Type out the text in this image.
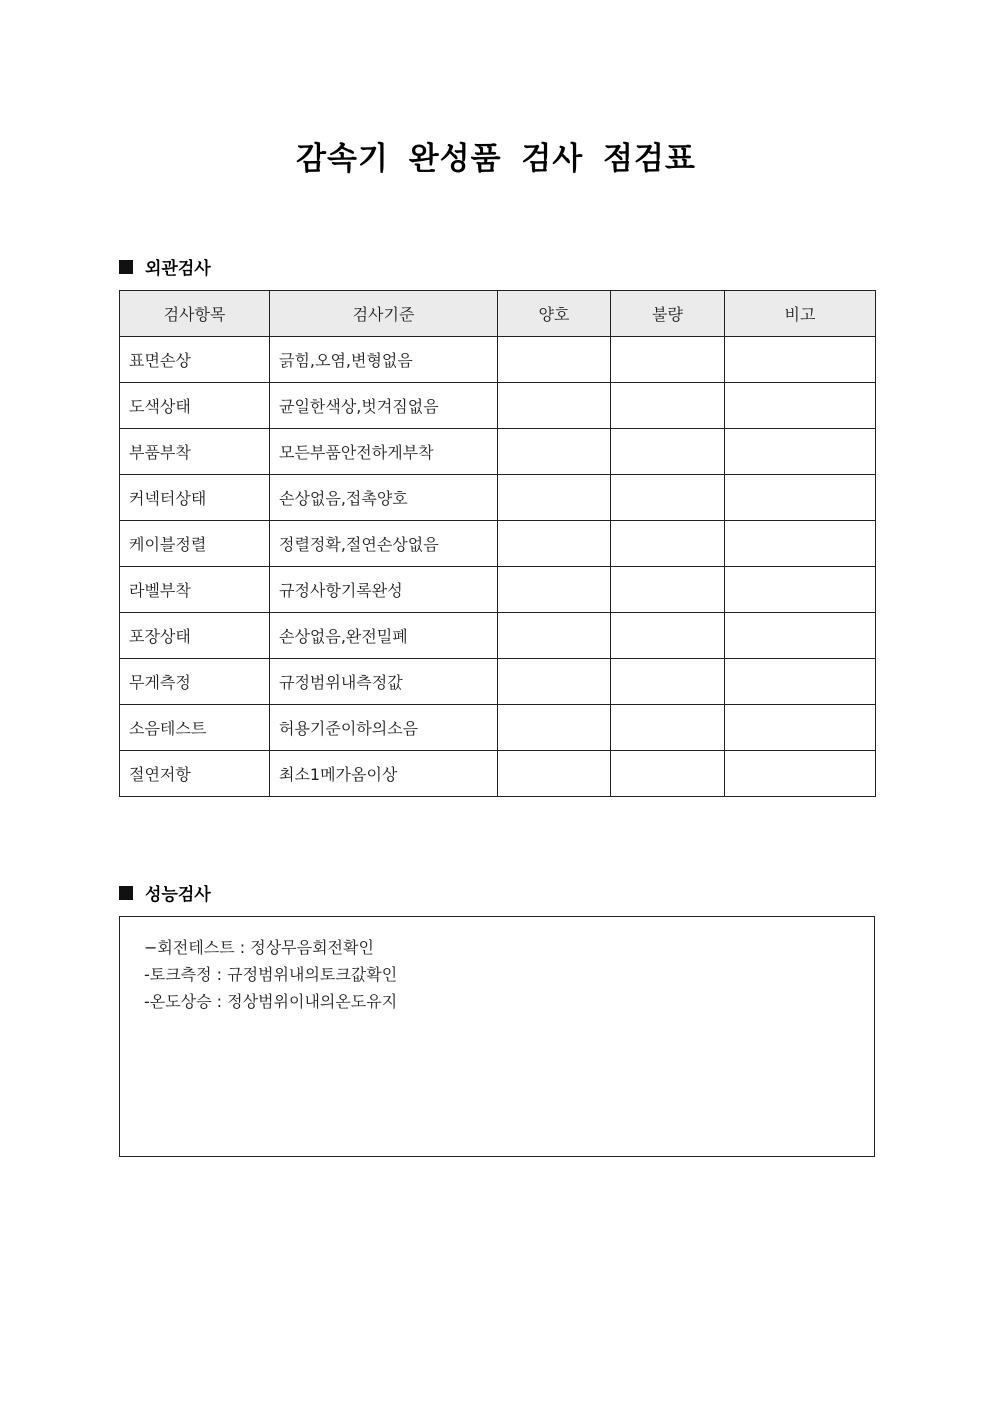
감속기 완성품 검사 점검표
외관검사
검사항목	검사기준	양호	불량	비고
표면손상	긁힘,오염,변형없음			
도색상태	균일한색상,벗겨짐없음			
부품부착	모든부품안전하게부착			
커넥터상태	손상없음,접촉양호			
케이블정렬	정렬정확,절연손상없음			
라벨부착	규정사항기록완성			
포장상태	손상없음,완전밀폐			
무게측정	규정범위내측정값			
소음테스트	허용기준이하의소음			
절연저항	최소1메가옴이상			
성능검사
−회전테스트 : 정상무음회전확인
-토크측정 : 규정범위내의토크값확인
-온도상승 : 정상범위이내의온도유지
